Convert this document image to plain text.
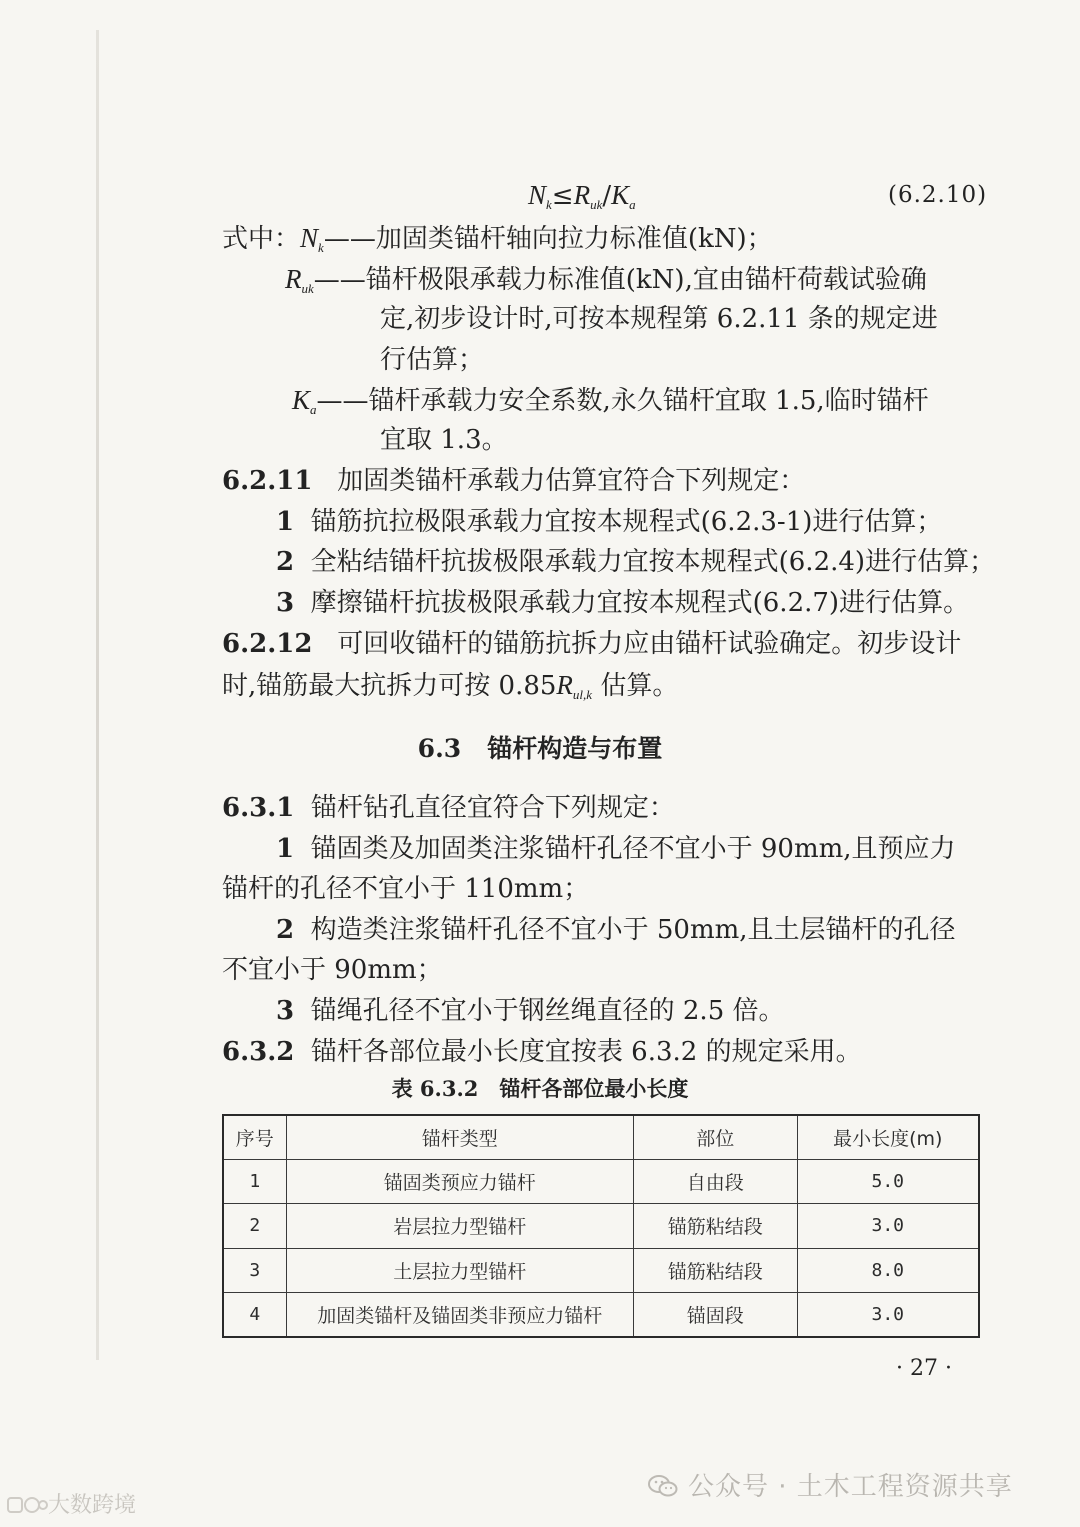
$N_k\le R_{uk}/K_a$	(6.2.10)
式中：$N_k——$加固类锚杆轴向拉力标准值(kN)；
$R_{uk}——$锚杆极限承载力标准值(kN),宜由锚杆荷载试验确
定,初步设计时,可按本规程第 6.2.11 条的规定进
行估算；
$K_a——$锚杆承载力安全系数,永久锚杆宜取 1.5,临时锚杆
宜取 1.3。
6.2.11 加固类锚杆承载力估算宜符合下列规定：
1 锚筋抗拉极限承载力宜按本规程式(6.2.3-1)进行估算；
2 全粘结锚杆抗拔极限承载力宜按本规程式(6.2.4)进行估算；
3 摩擦锚杆抗拔极限承载力宜按本规程式(6.2.7)进行估算。
6.2.12 可回收锚杆的锚筋抗拆力应由锚杆试验确定。初步设计
时,锚筋最大抗拆力可按 $0.85R_{ul,k}$ 估算。
6.3 锚杆构造与布置
6.3.1 锚杆钻孔直径宜符合下列规定：
1 锚固类及加固类注浆锚杆孔径不宜小于 90mm,且预应力
锚杆的孔径不宜小于 110mm；
2 构造类注浆锚杆孔径不宜小于 50mm,且土层锚杆的孔径
不宜小于 90mm；
3 锚绳孔径不宜小于钢丝绳直径的 2.5 倍。
6.3.2 锚杆各部位最小长度宜按表 6.3.2 的规定采用。
表 6.3.2　锚杆各部位最小长度
序号	锚杆类型	部位	最小长度(m)
1	锚固类预应力锚杆	自由段	5.0
2	岩层拉力型锚杆	锚筋粘结段	3.0
3	土层拉力型锚杆	锚筋粘结段	8.0
4	加固类锚杆及锚固类非预应力锚杆	锚固段	3.0
· 27 ·
公众号 · 土木工程资源共享
大数跨境
